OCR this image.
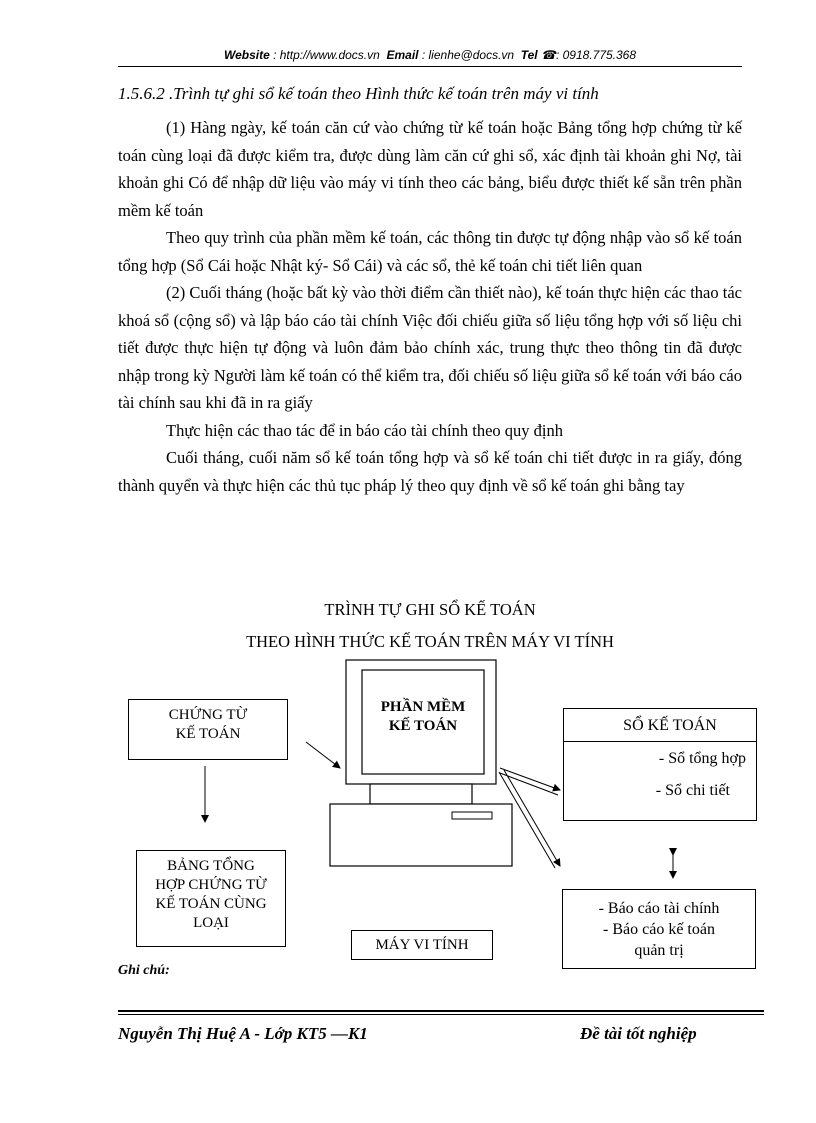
Website : http://www.docs.vn Email : lienhe@docs.vn Tel ☎: 0918.775.368
1.5.6.2 .Trình tự ghi sổ kế toán theo Hình thức kế toán trên máy vi tính

(1) Hàng ngày, kế toán căn cứ vào chứng từ kế toán hoặc Bảng tổng hợp chứng từ kế toán cùng loại đã được kiểm tra, được dùng làm căn cứ ghi sổ, xác định tài khoản ghi Nợ, tài khoản ghi Có để nhập dữ liệu vào máy vi tính theo các bảng, biểu được thiết kế sẵn trên phần mềm kế toán

Theo quy trình của phần mềm kế toán, các thông tin được tự động nhập vào sổ kế toán tổng hợp (Sổ Cái hoặc Nhật ký- Sổ Cái) và các sổ, thẻ kế toán chi tiết liên quan

(2) Cuối tháng (hoặc bất kỳ vào thời điểm cần thiết nào), kế toán thực hiện các thao tác khoá sổ (cộng sổ) và lập báo cáo tài chính Việc đối chiếu giữa số liệu tổng hợp với số liệu chi tiết được thực hiện tự động và luôn đảm bảo chính xác, trung thực theo thông tin đã được nhập trong kỳ Người làm kế toán có thể kiểm tra, đối chiếu số liệu giữa sổ kế toán với báo cáo tài chính sau khi đã in ra giấy

Thực hiện các thao tác để in báo cáo tài chính theo quy định

Cuối tháng, cuối năm sổ kế toán tổng hợp và sổ kế toán chi tiết được in ra giấy, đóng thành quyển và thực hiện các thủ tục pháp lý theo quy định về sổ kế toán ghi bằng tay

TRÌNH TỰ GHI SỔ KẾ TOÁN
THEO HÌNH THỨC KẾ TOÁN TRÊN MÁY VI TÍNH
CHỨNG TỪ
KẾ TOÁN
PHẦN MỀM
KẾ TOÁN	SỔ KẾ TOÁN
- Sổ tổng hợp
- Sổ chi tiết
BẢNG TỔNG
HỢP CHỨNG TỪ
KẾ TOÁN CÙNG
LOẠI
MÁY VI TÍNH
- Báo cáo tài chính
- Báo cáo kế toán
quản trị
Ghi chú:
Nguyễn Thị Huệ A - Lớp KT5 —K1	Đề tài tốt nghiệp
